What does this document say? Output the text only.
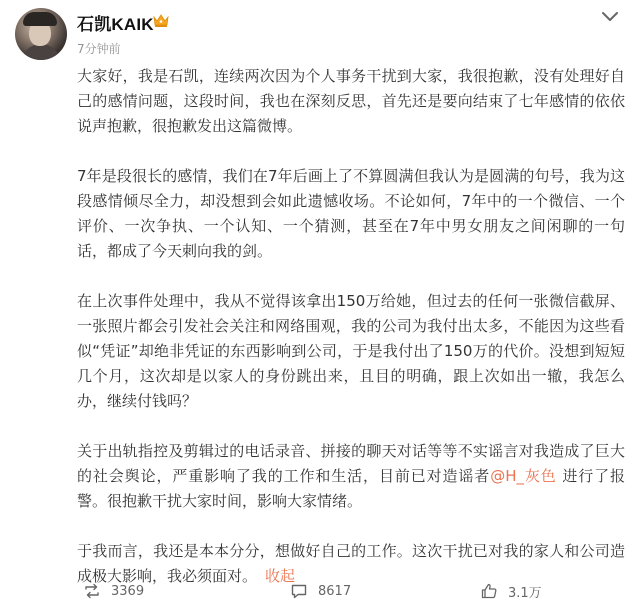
石凯KAIK
7分钟前

大家好，我是石凯，连续两次因为个人事务干扰到大家，我很抱歉，没有处理好自己的感情问题，这段时间，我也在深刻反思，首先还是要向结束了七年感情的依依说声抱歉，很抱歉发出这篇微博。

7年是段很长的感情，我们在7年后画上了不算圆满但我认为是圆满的句号，我为这段感情倾尽全力，却没想到会如此遗憾收场。不论如何，7年中的一个微信、一个评价、一次争执、一个认知、一个猜测，甚至在7年中男女朋友之间闲聊的一句话，都成了今天刺向我的剑。

在上次事件处理中，我从不觉得该拿出150万给她，但过去的任何一张微信截屏、一张照片都会引发社会关注和网络围观，我的公司为我付出太多，不能因为这些看似“凭证”却绝非凭证的东西影响到公司，于是我付出了150万的代价。没想到短短几个月，这次却是以家人的身份跳出来，且目的明确，跟上次如出一辙，我怎么办，继续付钱吗？

关于出轨指控及剪辑过的电话录音、拼接的聊天对话等等不实谣言对我造成了巨大的社会舆论，严重影响了我的工作和生活，目前已对造谣者@H_灰色 进行了报警。很抱歉干扰大家时间，影响大家情绪。

于我而言，我还是本本分分，想做好自己的工作。这次干扰已对我的家人和公司造成极大影响，我必须面对。 收起

3369	8617	3.1万
